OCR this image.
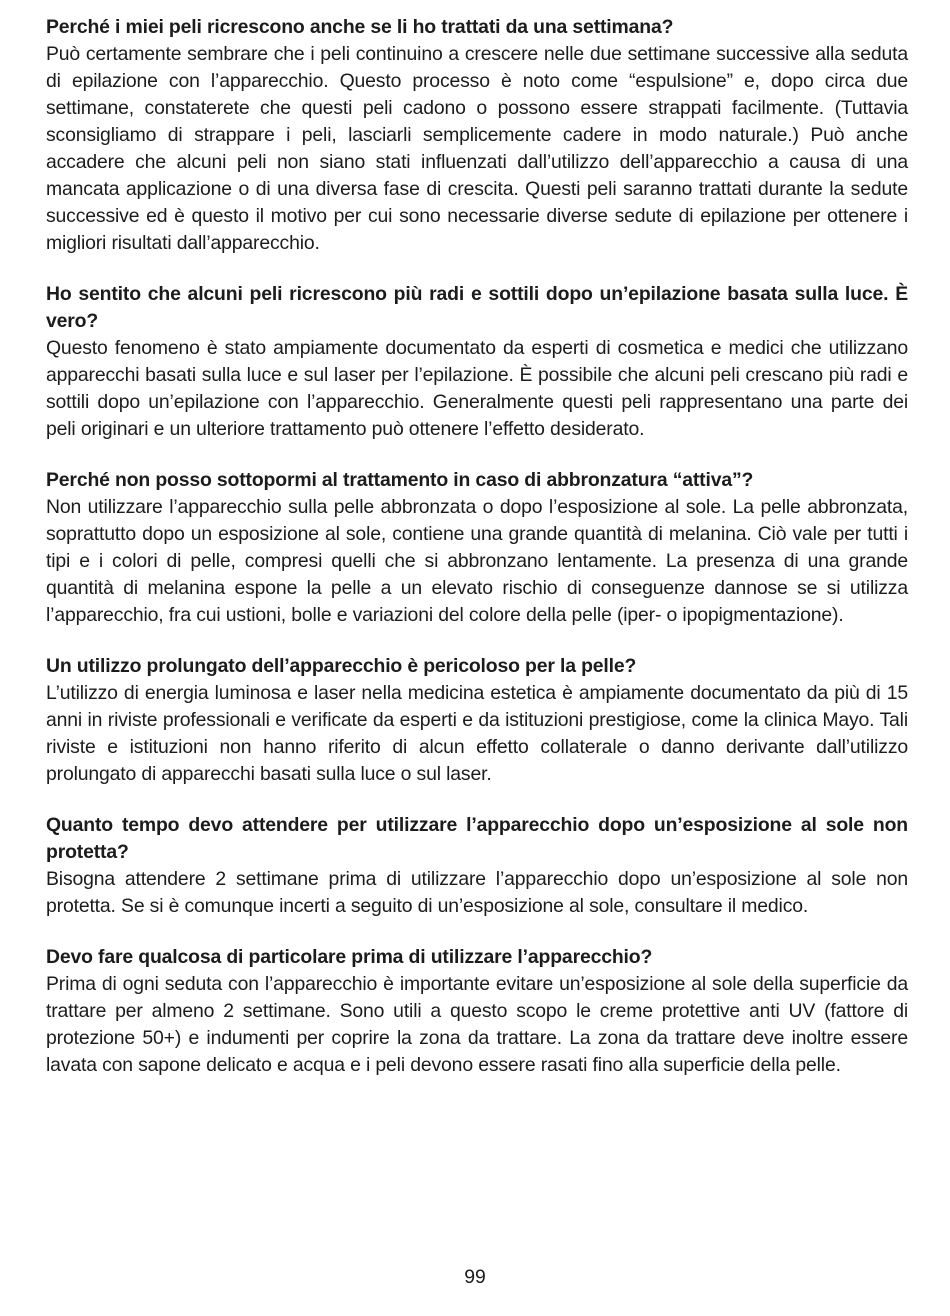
Perché i miei peli ricrescono anche se li ho trattati da una settimana?

Può certamente sembrare che i peli continuino a crescere nelle due settimane successive alla seduta di epilazione con l’apparecchio. Questo processo è noto come “espulsione” e, dopo circa due settimane, constaterete che questi peli cadono o possono essere strappati facilmente. (Tuttavia sconsigliamo di strappare i peli, lasciarli semplicemente cadere in modo naturale.) Può anche accadere che alcuni peli non siano stati influenzati dall’utilizzo dell’apparecchio a causa di una mancata applicazione o di una diversa fase di crescita. Questi peli saranno trattati durante la sedute successive ed è questo il motivo per cui sono necessarie diverse sedute di epilazione per ottenere i migliori risultati dall’apparecchio.

Ho sentito che alcuni peli ricrescono più radi e sottili dopo un’epilazione basata sulla luce. È vero?

Questo fenomeno è stato ampiamente documentato da esperti di cosmetica e medici che utilizzano apparecchi basati sulla luce e sul laser per l’epilazione. È possibile che alcuni peli crescano più radi e sottili dopo un’epilazione con l’apparecchio. Generalmente questi peli rappresentano una parte dei peli originari e un ulteriore trattamento può ottenere l’effetto desiderato.

Perché non posso sottopormi al trattamento in caso di abbronzatura “attiva”?

Non utilizzare l’apparecchio sulla pelle abbronzata o dopo l’esposizione al sole. La pelle abbronzata, soprattutto dopo un esposizione al sole, contiene una grande quantità di melanina. Ciò vale per tutti i tipi e i colori di pelle, compresi quelli che si abbronzano lentamente. La presenza di una grande quantità di melanina espone la pelle a un elevato rischio di conseguenze dannose se si utilizza l’apparecchio, fra cui ustioni, bolle e variazioni del colore della pelle (iper- o ipopigmentazione).

Un utilizzo prolungato dell’apparecchio è pericoloso per la pelle?

L’utilizzo di energia luminosa e laser nella medicina estetica è ampiamente documentato da più di 15 anni in riviste professionali e verificate da esperti e da istituzioni prestigiose, come la clinica Mayo. Tali riviste e istituzioni non hanno riferito di alcun effetto collaterale o danno derivante dall’utilizzo prolungato di apparecchi basati sulla luce o sul laser.

Quanto tempo devo attendere per utilizzare l’apparecchio dopo un’esposizione al sole non protetta?

Bisogna attendere 2 settimane prima di utilizzare l’apparecchio dopo un’esposizione al sole non protetta. Se si è comunque incerti a seguito di un’esposizione al sole, consultare il medico.

Devo fare qualcosa di particolare prima di utilizzare l’apparecchio?

Prima di ogni seduta con l’apparecchio è importante evitare un’esposizione al sole della superficie da trattare per almeno 2 settimane. Sono utili a questo scopo le creme protettive anti UV (fattore di protezione 50+) e indumenti per coprire la zona da trattare. La zona da trattare deve inoltre essere lavata con sapone delicato e acqua e i peli devono essere rasati fino alla superficie della pelle.

99
